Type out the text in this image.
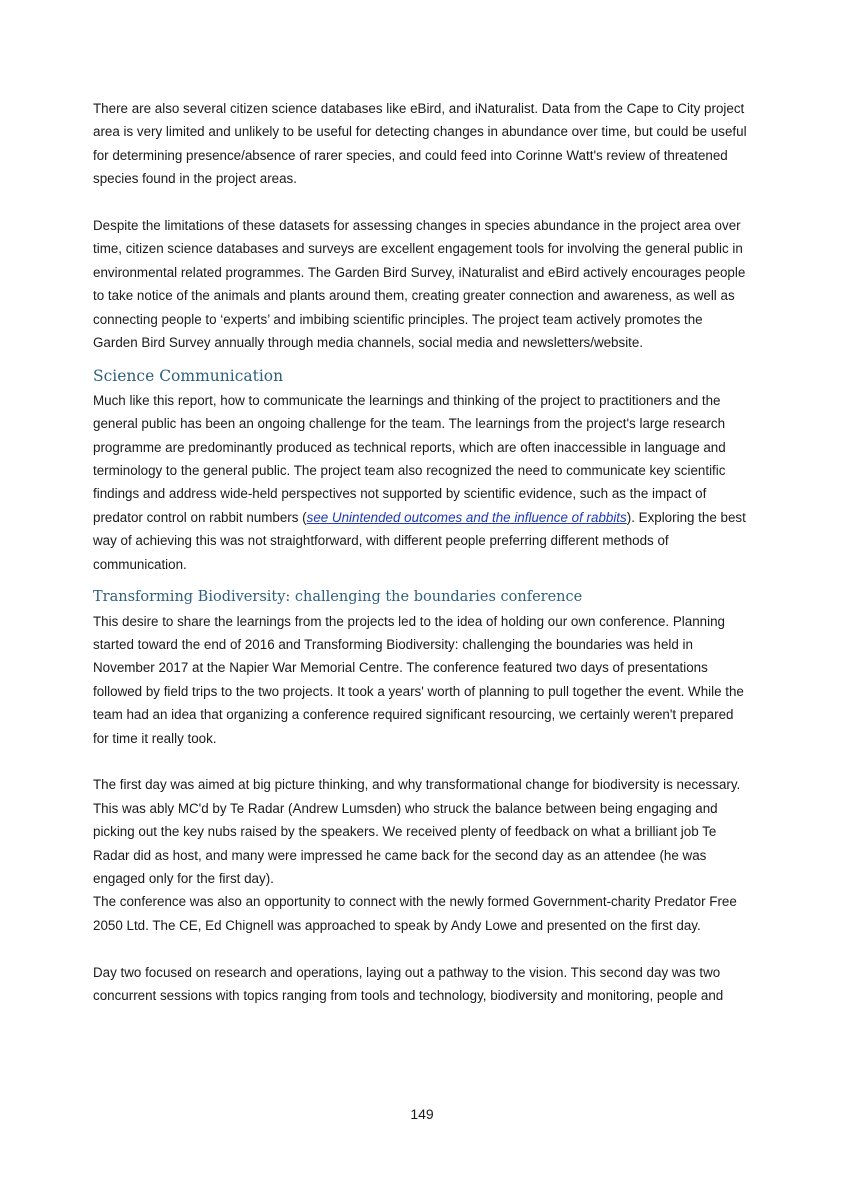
There are also several citizen science databases like eBird, and iNaturalist. Data from the Cape to City project area is very limited and unlikely to be useful for detecting changes in abundance over time, but could be useful for determining presence/absence of rarer species, and could feed into Corinne Watt's review of threatened species found in the project areas.

Despite the limitations of these datasets for assessing changes in species abundance in the project area over time, citizen science databases and surveys are excellent engagement tools for involving the general public in environmental related programmes. The Garden Bird Survey, iNaturalist and eBird actively encourages people to take notice of the animals and plants around them, creating greater connection and awareness, as well as connecting people to ‘experts’ and imbibing scientific principles. The project team actively promotes the Garden Bird Survey annually through media channels, social media and newsletters/website.

Science Communication

Much like this report, how to communicate the learnings and thinking of the project to practitioners and the general public has been an ongoing challenge for the team. The learnings from the project's large research programme are predominantly produced as technical reports, which are often inaccessible in language and terminology to the general public. The project team also recognized the need to communicate key scientific findings and address wide-held perspectives not supported by scientific evidence, such as the impact of predator control on rabbit numbers (see Unintended outcomes and the influence of rabbits). Exploring the best way of achieving this was not straightforward, with different people preferring different methods of communication.

Transforming Biodiversity: challenging the boundaries conference

This desire to share the learnings from the projects led to the idea of holding our own conference. Planning started toward the end of 2016 and Transforming Biodiversity: challenging the boundaries was held in November 2017 at the Napier War Memorial Centre. The conference featured two days of presentations followed by field trips to the two projects. It took a years' worth of planning to pull together the event. While the team had an idea that organizing a conference required significant resourcing, we certainly weren't prepared for time it really took.

The first day was aimed at big picture thinking, and why transformational change for biodiversity is necessary. This was ably MC'd by Te Radar (Andrew Lumsden) who struck the balance between being engaging and picking out the key nubs raised by the speakers. We received plenty of feedback on what a brilliant job Te Radar did as host, and many were impressed he came back for the second day as an attendee (he was engaged only for the first day).

The conference was also an opportunity to connect with the newly formed Government-charity Predator Free 2050 Ltd. The CE, Ed Chignell was approached to speak by Andy Lowe and presented on the first day.

Day two focused on research and operations, laying out a pathway to the vision. This second day was two concurrent sessions with topics ranging from tools and technology, biodiversity and monitoring, people and

149
